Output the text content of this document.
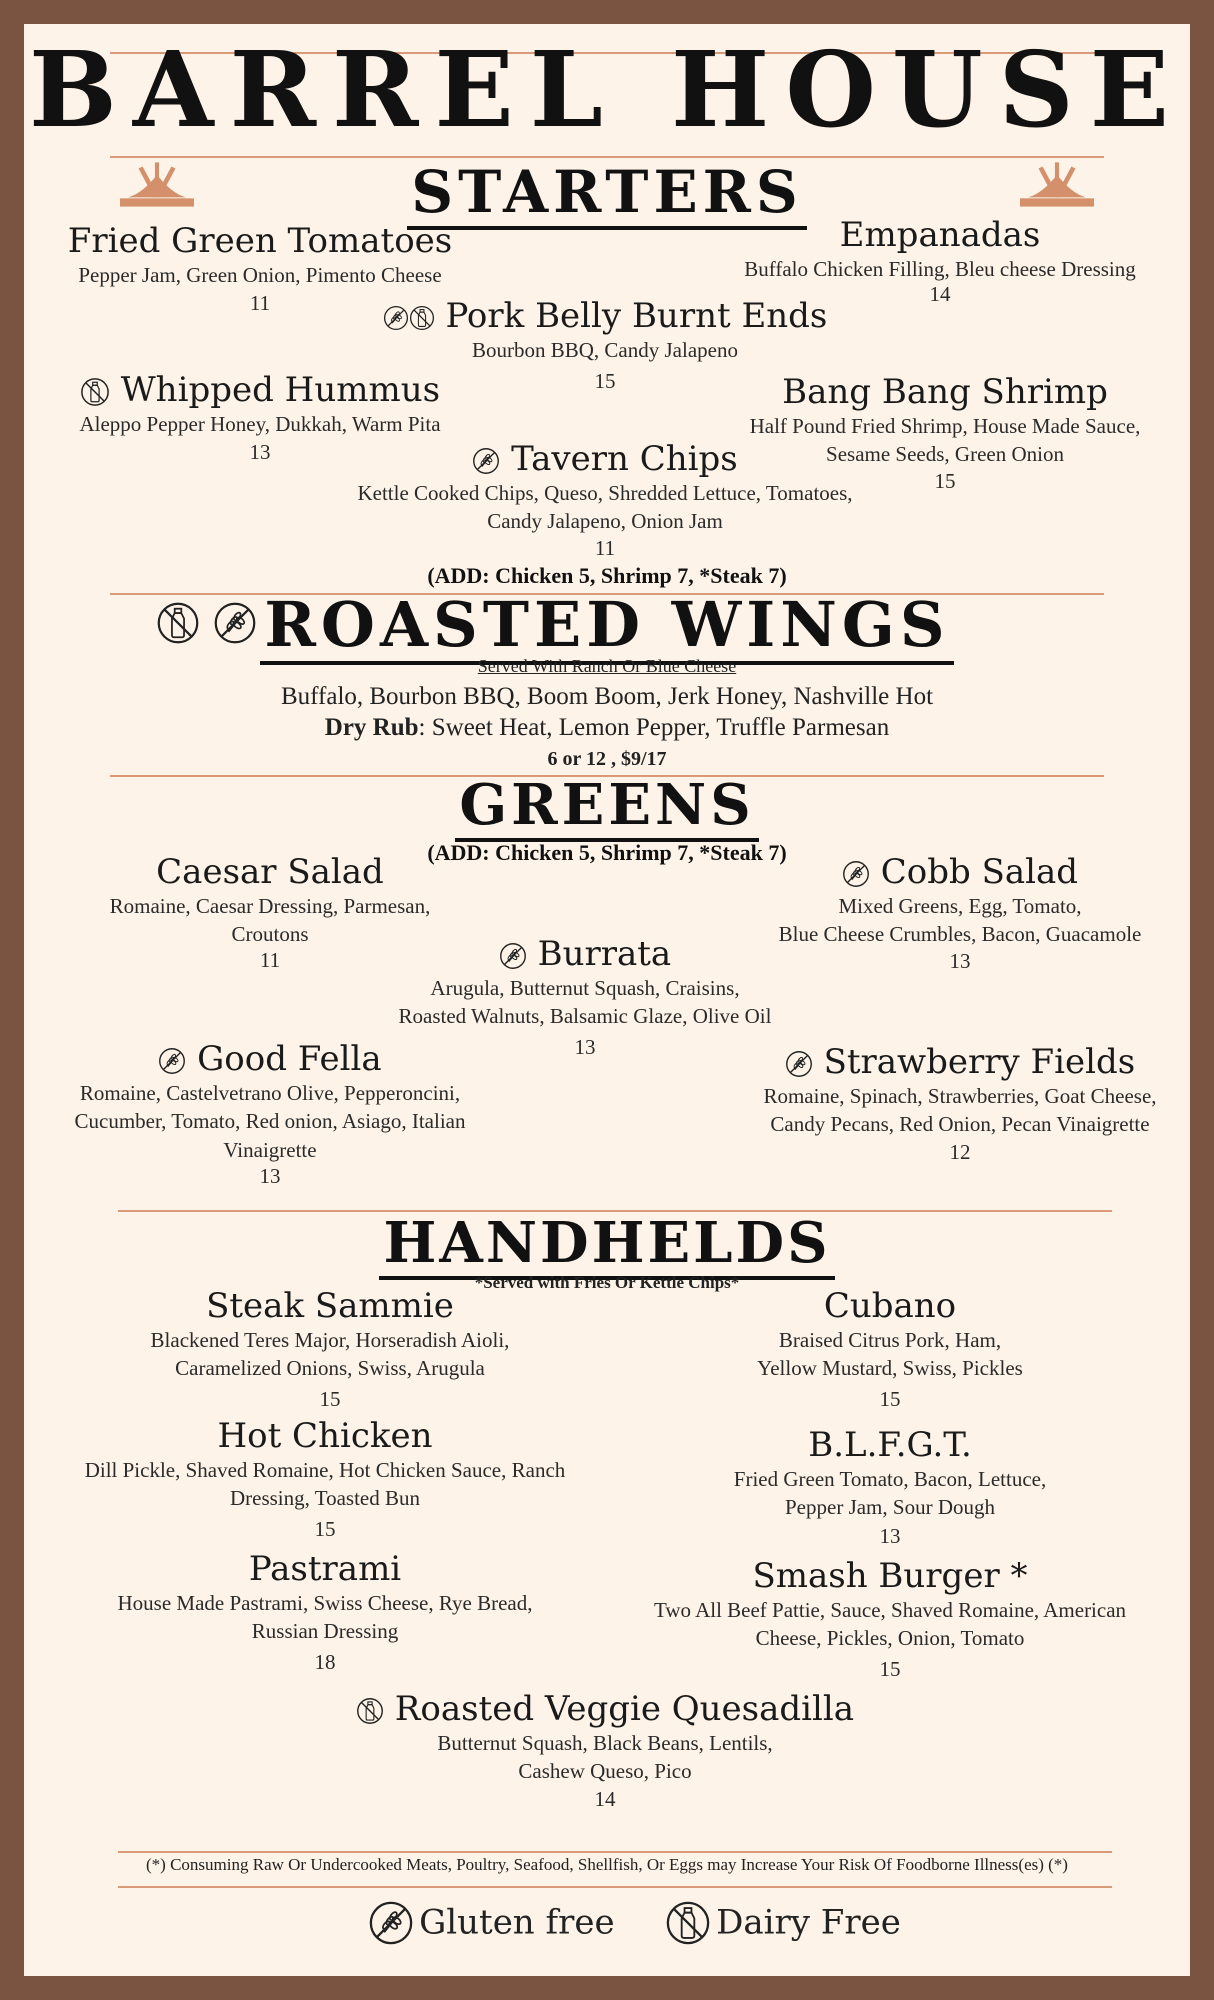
BARREL HOUSE
STARTERS
Fried Green Tomatoes
Pepper Jam, Green Onion, Pimento Cheese
11
Empanadas
Buffalo Chicken Filling, Bleu cheese Dressing
14
Pork Belly Burnt Ends
Bourbon BBQ, Candy Jalapeno
15
Whipped Hummus
Aleppo Pepper Honey, Dukkah, Warm Pita
13
Bang Bang Shrimp
Half Pound Fried Shrimp, House Made Sauce,
Sesame Seeds, Green Onion
15
Tavern Chips
Kettle Cooked Chips, Queso, Shredded Lettuce, Tomatoes,
Candy Jalapeno, Onion Jam
11
(ADD: Chicken 5, Shrimp 7, *Steak 7)
ROASTED WINGS
Served With Ranch Or Blue Cheese
Buffalo, Bourbon BBQ, Boom Boom, Jerk Honey, Nashville Hot
Dry Rub: Sweet Heat, Lemon Pepper, Truffle Parmesan
6 or 12 , $9/17
GREENS
(ADD: Chicken 5, Shrimp 7, *Steak 7)
Caesar Salad
Romaine, Caesar Dressing, Parmesan,
Croutons
11
Cobb Salad
Mixed Greens, Egg, Tomato,
Blue Cheese Crumbles, Bacon, Guacamole
13
Burrata
Arugula, Butternut Squash, Craisins,
Roasted Walnuts, Balsamic Glaze, Olive Oil
13
Good Fella
Romaine, Castelvetrano Olive, Pepperoncini,
Cucumber, Tomato, Red onion, Asiago, Italian
Vinaigrette
13
Strawberry Fields
Romaine, Spinach, Strawberries, Goat Cheese,
Candy Pecans, Red Onion, Pecan Vinaigrette
12
HANDHELDS
*Served with Fries Or Kettle Chips*
Steak Sammie
Blackened Teres Major, Horseradish Aioli,
Caramelized Onions, Swiss, Arugula
15
Cubano
Braised Citrus Pork, Ham,
Yellow Mustard, Swiss, Pickles
15
Hot Chicken
Dill Pickle, Shaved Romaine, Hot Chicken Sauce, Ranch
Dressing, Toasted Bun
15
B.L.F.G.T.
Fried Green Tomato, Bacon, Lettuce,
Pepper Jam, Sour Dough
13
Pastrami
House Made Pastrami, Swiss Cheese, Rye Bread,
Russian Dressing
18
Smash Burger *
Two All Beef Pattie, Sauce, Shaved Romaine, American
Cheese, Pickles, Onion, Tomato
15
Roasted Veggie Quesadilla
Butternut Squash, Black Beans, Lentils,
Cashew Queso, Pico
14
(*) Consuming Raw Or Undercooked Meats, Poultry, Seafood, Shellfish, Or Eggs may Increase Your Risk Of Foodborne Illness(es) (*)
Gluten free	Dairy Free
